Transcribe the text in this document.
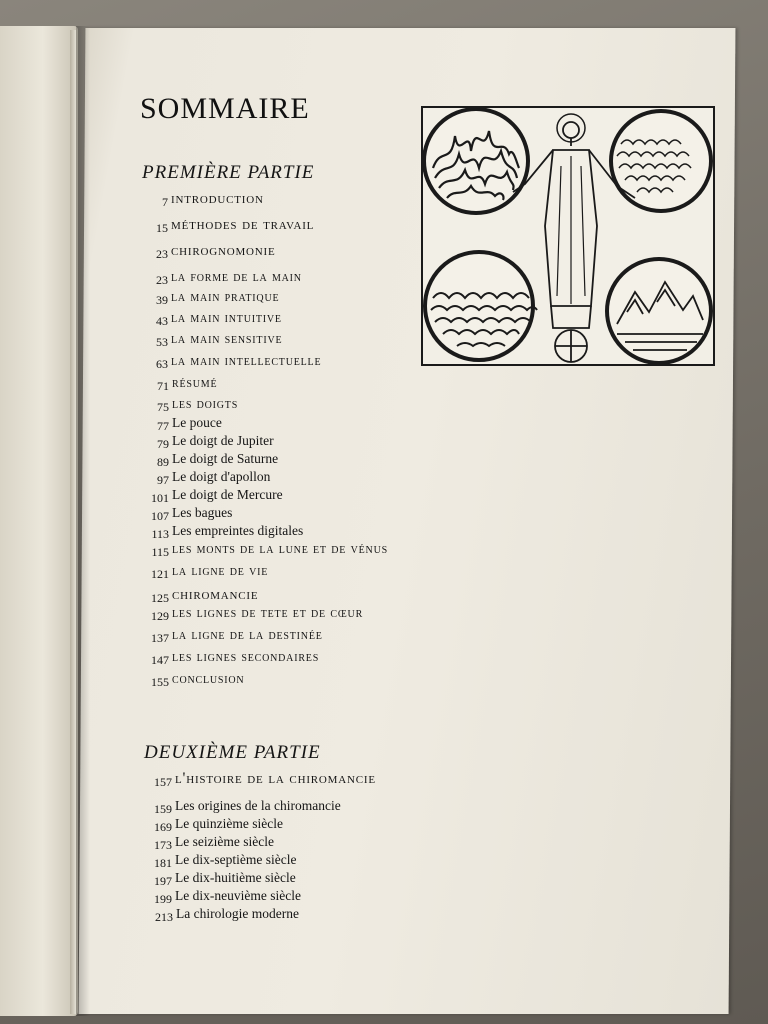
SOMMAIRE
PREMIÈRE PARTIE
7 introduction
15 méthodes de travail
23 chirognomonie
23 la forme de la main
39 la main pratique
43 la main intuitive
53 la main sensitive
63 la main intellectuelle
71 résumé
75 les doigts
77 Le pouce
79 Le doigt de Jupiter
89 Le doigt de Saturne
97 Le doigt d'apollon
101 Le doigt de Mercure
107 Les bagues
113 Les empreintes digitales
115 les monts de la lune et de vénus
121 la ligne de vie
125 chiromancie
129 les lignes de tete et de cœur
137 la ligne de la destinée
147 les lignes secondaires
155 conclusion
DEUXIÈME PARTIE
157 l'histoire de la chiromancie
159 Les origines de la chiromancie
169 Le quinzième siècle
173 Le seizième siècle
181 Le dix-septième siècle
197 Le dix-huitième siècle
199 Le dix-neuvième siècle
213 La chirologie moderne
